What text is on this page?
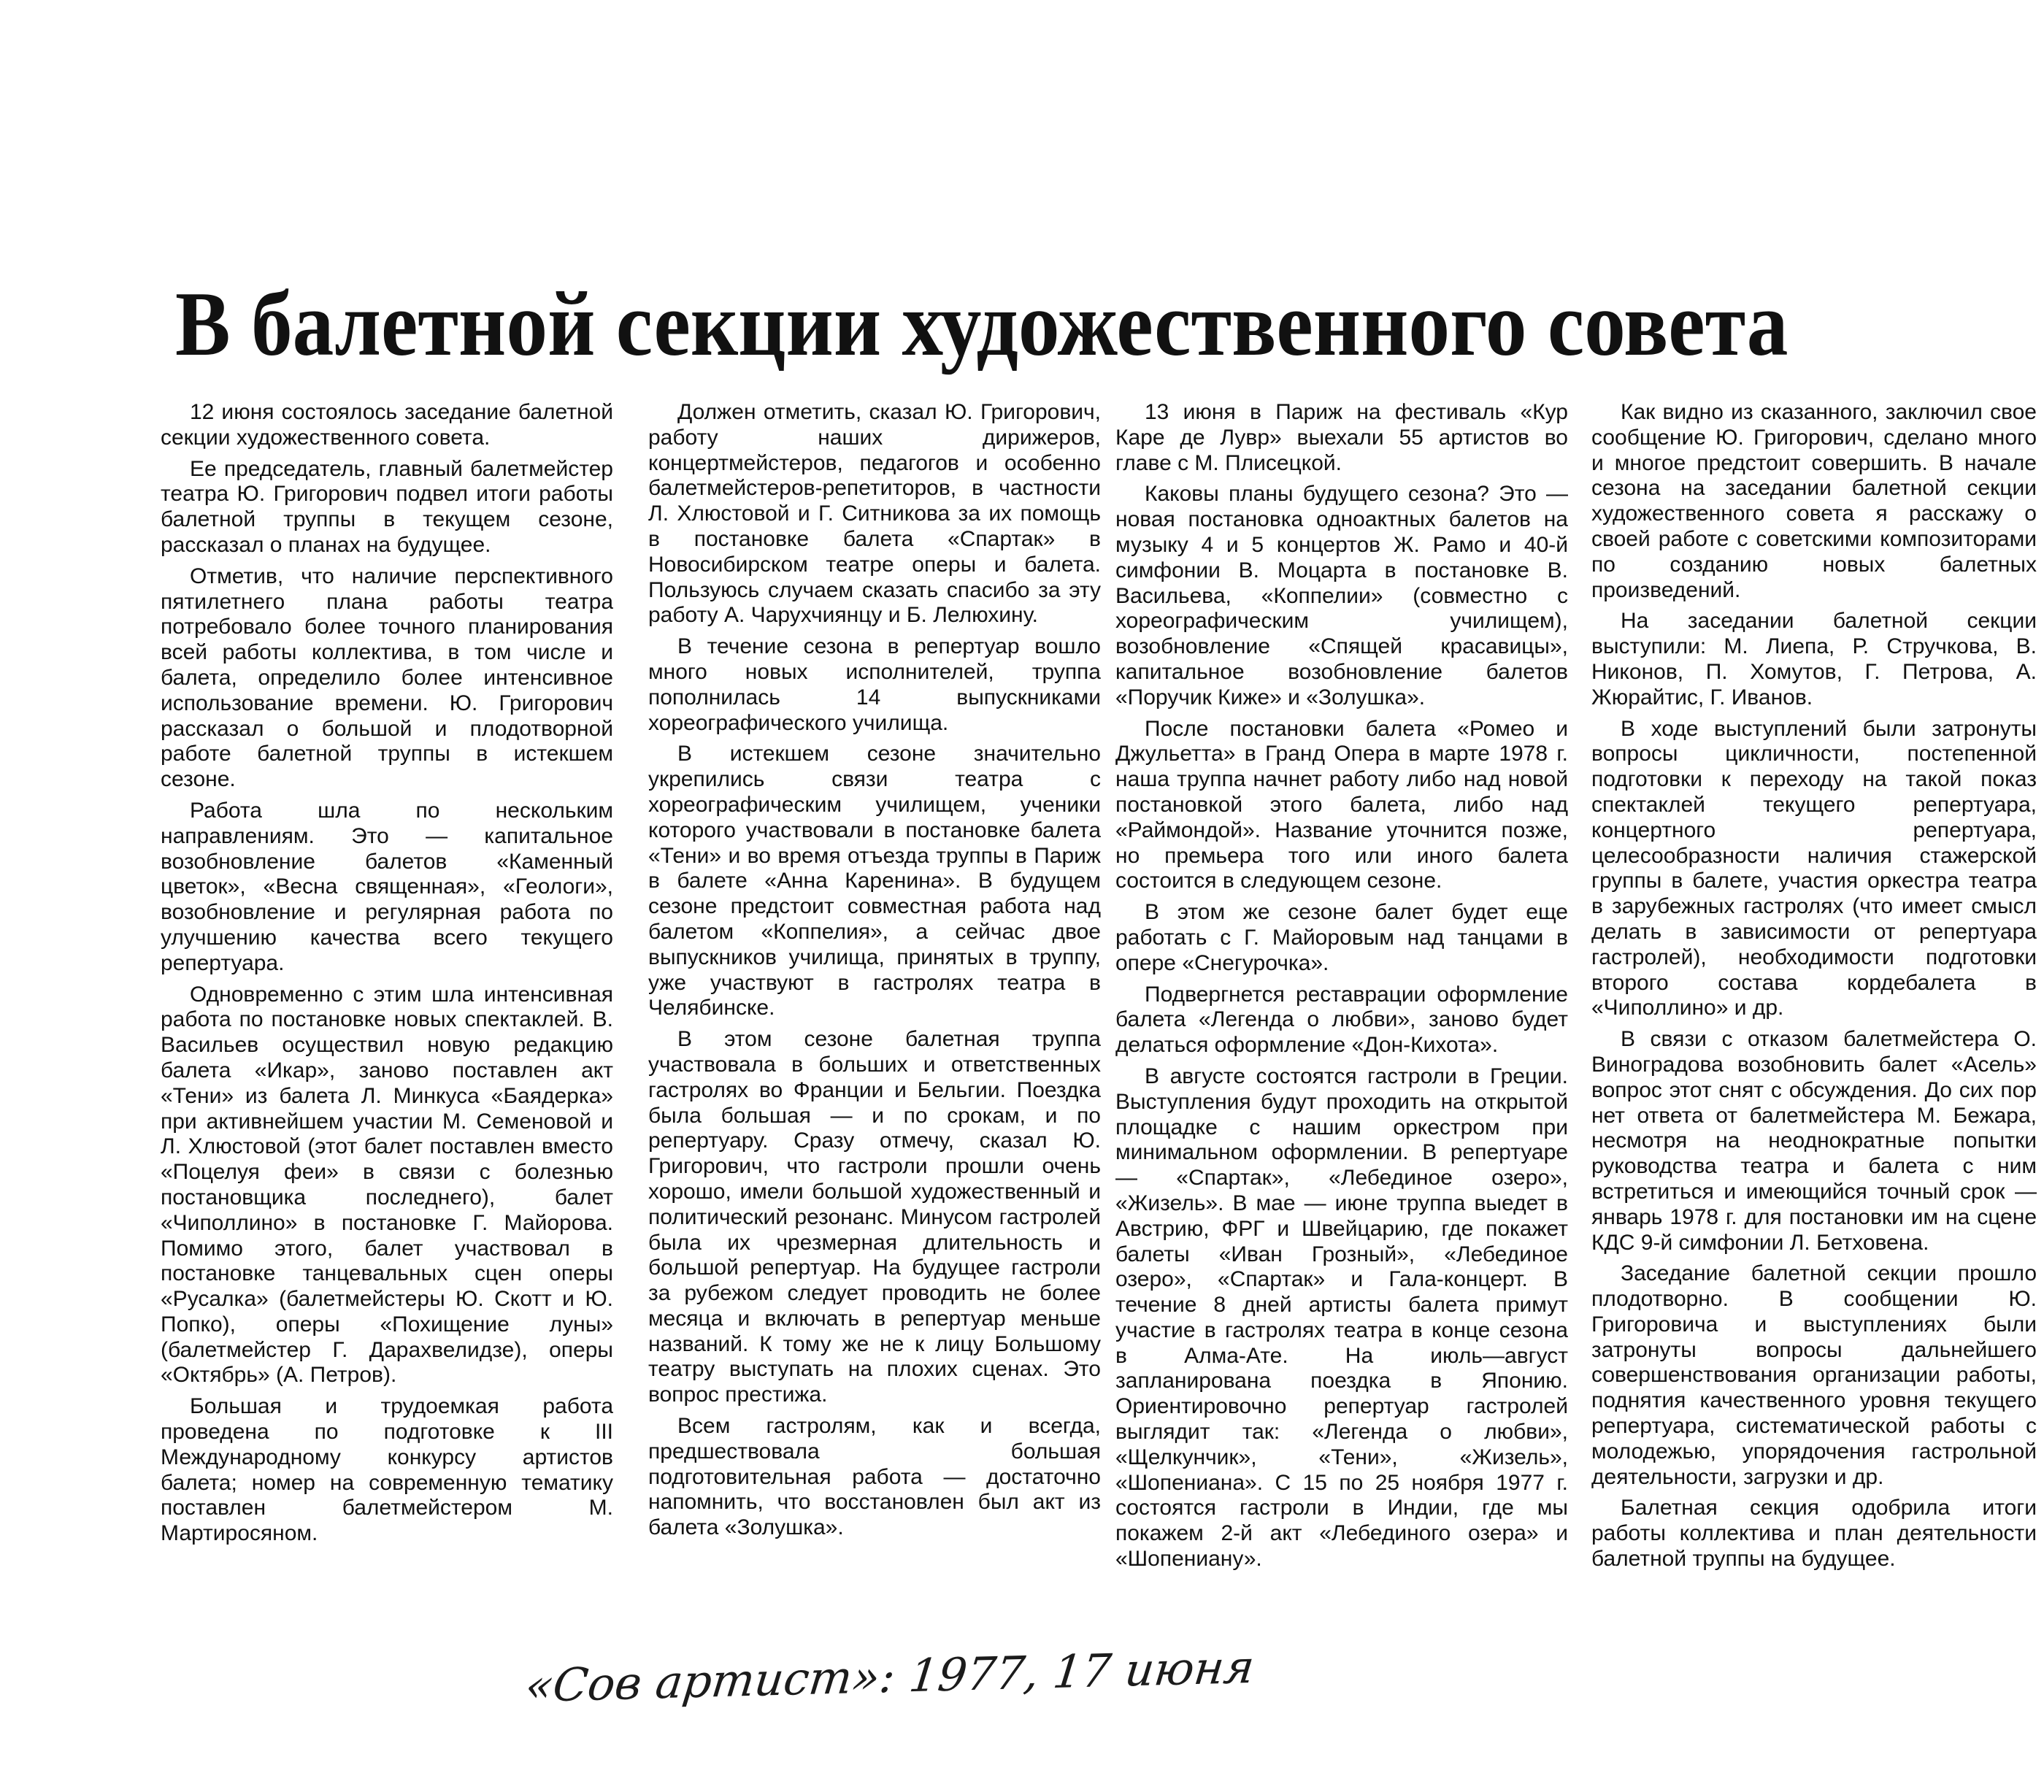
В балетной секции художественного совета

12 июня состоялось заседание балетной секции художественного совета.

Ее председатель, главный балетмейстер театра Ю. Григорович подвел итоги работы балетной труппы в текущем сезоне, рассказал о планах на будущее.

Отметив, что наличие перспективного пятилетнего плана работы театра потребовало более точного планирования всей работы коллектива, в том числе и балета, определило более интенсивное использование времени. Ю. Григорович рассказал о большой и плодотворной работе балетной труппы в истекшем сезоне.

Работа шла по нескольким направлениям. Это — капитальное возобновление балетов «Каменный цветок», «Весна священная», «Геологи», возобновление и регулярная работа по улучшению качества всего текущего репертуара.

Одновременно с этим шла интенсивная работа по постановке новых спектаклей. В. Васильев осуществил новую редакцию балета «Икар», заново поставлен акт «Тени» из балета Л. Минкуса «Баядерка» при активнейшем участии М. Семеновой и Л. Хлюстовой (этот балет поставлен вместо «Поцелуя феи» в связи с болезнью постановщика последнего), балет «Чиполлино» в постановке Г. Майорова. Помимо этого, балет участвовал в постановке танцевальных сцен оперы «Русалка» (балетмейстеры Ю. Скотт и Ю. Попко), оперы «Похищение луны» (балетмейстер Г. Дарахвелидзе), оперы «Октябрь» (А. Петров).

Большая и трудоемкая работа проведена по подготовке к III Международному конкурсу артистов балета; номер на современную тематику поставлен балетмейстером М. Мартиросяном.

Должен отметить, сказал Ю. Григорович, работу наших дирижеров, концертмейстеров, педагогов и особенно балетмейстеров-репетиторов, в частности Л. Хлюстовой и Г. Ситникова за их помощь в постановке балета «Спартак» в Новосибирском театре оперы и балета. Пользуюсь случаем сказать спасибо за эту работу А. Чарухчиянцу и Б. Лелюхину.

В течение сезона в репертуар вошло много новых исполнителей, труппа пополнилась 14 выпускниками хореографического училища.

В истекшем сезоне значительно укрепились связи театра с хореографическим училищем, ученики которого участвовали в постановке балета «Тени» и во время отъезда труппы в Париж в балете «Анна Каренина». В будущем сезоне предстоит совместная работа над балетом «Коппелия», а сейчас двое выпускников училища, принятых в труппу, уже участвуют в гастролях театра в Челябинске.

В этом сезоне балетная труппа участвовала в больших и ответственных гастролях во Франции и Бельгии. Поездка была большая — и по срокам, и по репертуару. Сразу отмечу, сказал Ю. Григорович, что гастроли прошли очень хорошо, имели большой художественный и политический резонанс. Минусом гастролей была их чрезмерная длительность и большой репертуар. На будущее гастроли за рубежом следует проводить не более месяца и включать в репертуар меньше названий. К тому же не к лицу Большому театру выступать на плохих сценах. Это вопрос престижа.

Всем гастролям, как и всегда, предшествовала большая подготовительная работа — достаточно напомнить, что восстановлен был акт из балета «Золушка».

13 июня в Париж на фестиваль «Кур Каре де Лувр» выехали 55 артистов во главе с М. Плисецкой.

Каковы планы будущего сезона? Это — новая постановка одноактных балетов на музыку 4 и 5 концертов Ж. Рамо и 40-й симфонии В. Моцарта в постановке В. Васильева, «Коппелии» (совместно с хореографическим училищем), возобновление «Спящей красавицы», капитальное возобновление балетов «Поручик Киже» и «Золушка».

После постановки балета «Ромео и Джульетта» в Гранд Опера в марте 1978 г. наша труппа начнет работу либо над новой постановкой этого балета, либо над «Раймондой». Название уточнится позже, но премьера того или иного балета состоится в следующем сезоне.

В этом же сезоне балет будет еще работать с Г. Майоровым над танцами в опере «Снегурочка».

Подвергнется реставрации оформление балета «Легенда о любви», заново будет делаться оформление «Дон-Кихота».

В августе состоятся гастроли в Греции. Выступления будут проходить на открытой площадке с нашим оркестром при минимальном оформлении. В репертуаре — «Спартак», «Лебединое озеро», «Жизель». В мае — июне труппа выедет в Австрию, ФРГ и Швейцарию, где покажет балеты «Иван Грозный», «Лебединое озеро», «Спартак» и Гала-концерт. В течение 8 дней артисты балета примут участие в гастролях театра в конце сезона в Алма-Ате. На июль—август запланирована поездка в Японию. Ориентировочно репертуар гастролей выглядит так: «Легенда о любви», «Щелкунчик», «Тени», «Жизель», «Шопениана». С 15 по 25 ноября 1977 г. состоятся гастроли в Индии, где мы покажем 2-й акт «Лебединого озера» и «Шопениану».

Как видно из сказанного, заключил свое сообщение Ю. Григорович, сделано много и многое предстоит совершить. В начале сезона на заседании балетной секции художественного совета я расскажу о своей работе с советскими композиторами по созданию новых балетных произведений.

На заседании балетной секции выступили: М. Лиепа, Р. Стручкова, В. Никонов, П. Хомутов, Г. Петрова, А. Жюрайтис, Г. Иванов.

В ходе выступлений были затронуты вопросы цикличности, постепенной подготовки к переходу на такой показ спектаклей текущего репертуара, концертного репертуара, целесообразности наличия стажерской группы в балете, участия оркестра театра в зарубежных гастролях (что имеет смысл делать в зависимости от репертуара гастролей), необходимости подготовки второго состава кордебалета в «Чиполлино» и др.

В связи с отказом балетмейстера О. Виноградова возобновить балет «Асель» вопрос этот снят с обсуждения. До сих пор нет ответа от балетмейстера М. Бежара, несмотря на неоднократные попытки руководства театра и балета с ним встретиться и имеющийся точный срок — январь 1978 г. для постановки им на сцене КДС 9-й симфонии Л. Бетховена.

Заседание балетной секции прошло плодотворно. В сообщении Ю. Григоровича и выступлениях были затронуты вопросы дальнейшего совершенствования организации работы, поднятия качественного уровня текущего репертуара, систематической работы с молодежью, упорядочения гастрольной деятельности, загрузки и др.

Балетная секция одобрила итоги работы коллектива и план деятельности балетной труппы на будущее.

«Сов артист»: 1977, 17 июня
